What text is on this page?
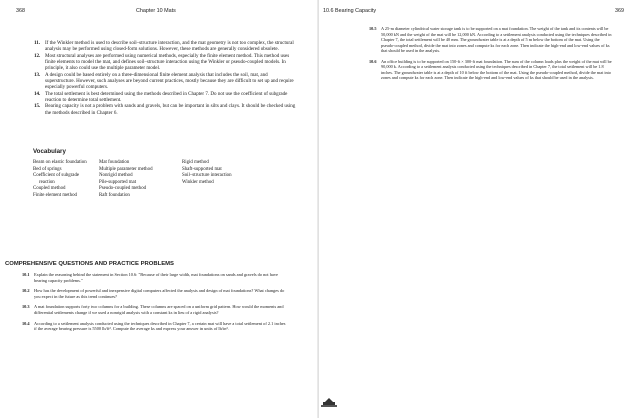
368	Chapter 10 Mats
11. If the Winkler method is used to describe soil–structure interaction, and the mat geometry is not too complex, the structural analysis may be performed using closed-form solutions. However, these methods are generally considered obsolete.
12. Most structural analyses are performed using numerical methods, especially the finite element method. This method uses finite elements to model the mat, and defines soil–structure interaction using the Winkler or pseudo-coupled models. In principle, it also could use the multiple parameter model.
13. A design could be based entirely on a three-dimensional finite element analysis that includes the soil, mat, and superstructure. However, such analyses are beyond current practices, mostly because they are difficult to set up and require especially powerful computers.
14. The total settlement is best determined using the methods described in Chapter 7. Do not use the coefficient of subgrade reaction to determine total settlement.
15. Bearing capacity is not a problem with sands and gravels, but can be important in silts and clays. It should be checked using the methods described in Chapter 6.
Vocabulary
Beam on elastic foundation	Mat foundation	Rigid method
Bed of springs	Multiple parameter method	Shaft-supported mat
Coefficient of subgrade	Nonrigid method	Soil–structure interaction
reaction	Pile-supported mat	Winkler method
Coupled method	Pseudo-coupled method	
Finite element method	Raft foundation	
COMPREHENSIVE QUESTIONS AND PRACTICE PROBLEMS
10.1 Explain the reasoning behind the statement in Section 10.6: "Because of their large width, mat foundations on sands and gravels do not have bearing capacity problems."
10.2 How has the development of powerful and inexpensive digital computers affected the analysis and design of mat foundations? What changes do you expect in the future as this trend continues?
10.3 A mat foundation supports forty two columns for a building. These columns are spaced on a uniform grid pattern. How would the moments and differential settlements change if we used a nonrigid analysis with a constant ks in lieu of a rigid analysis?
10.4 According to a settlement analysis conducted using the techniques described in Chapter 7, a certain mat will have a total settlement of 2.1 inches if the average bearing pressure is 5500 lb/ft². Compute the average ks and express your answer in units of lb/in³.
10.6 Bearing Capacity	369
10.5 A 25-m diameter cylindrical water storage tank is to be supported on a mat foundation. The weight of the tank and its contents will be 50,000 kN and the weight of the mat will be 12,000 kN. According to a settlement analysis conducted using the techniques described in Chapter 7, the total settlement will be 40 mm. The groundwater table is at a depth of 5 m below the bottom of the mat. Using the pseudo-coupled method, divide the mat into zones and compute ks for each zone. Then indicate the high-end and low-end values of ks that should be used in the analysis.
10.6 An office building is to be supported on 150-ft × 300-ft mat foundation. The sum of the column loads plus the weight of the mat will be 90,000 k. According to a settlement analysis conducted using the techniques described in Chapter 7, the total settlement will be 1.8 inches. The groundwater table is at a depth of 10 ft below the bottom of the mat. Using the pseudo-coupled method, divide the mat into zones and compute ks for each zone. Then indicate the high-end and low-end values of ks that should be used in the analysis.
